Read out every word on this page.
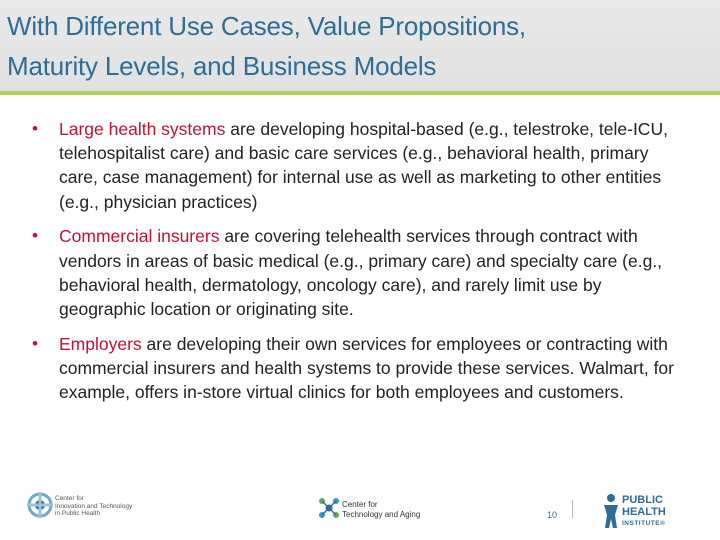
With Different Use Cases, Value Propositions,
Maturity Levels, and Business Models
• Large health systems are developing hospital-based (e.g., telestroke, tele-ICU, telehospitalist care) and basic care services (e.g., behavioral health, primary care, case management) for internal use as well as marketing to other entities (e.g., physician practices)
• Commercial insurers are covering telehealth services through contract with vendors in areas of basic medical (e.g., primary care) and specialty care (e.g., behavioral health, dermatology, oncology care), and rarely limit use by geographic location or originating site.
• Employers are developing their own services for employees or contracting with commercial insurers and health systems to provide these services. Walmart, for example, offers in-store virtual clinics for both employees and customers.
Center for
Innovation and Technology
in Public Health
Center for
Technology and Aging	10
PUBLIC
HEALTH
INSTITUTE®
